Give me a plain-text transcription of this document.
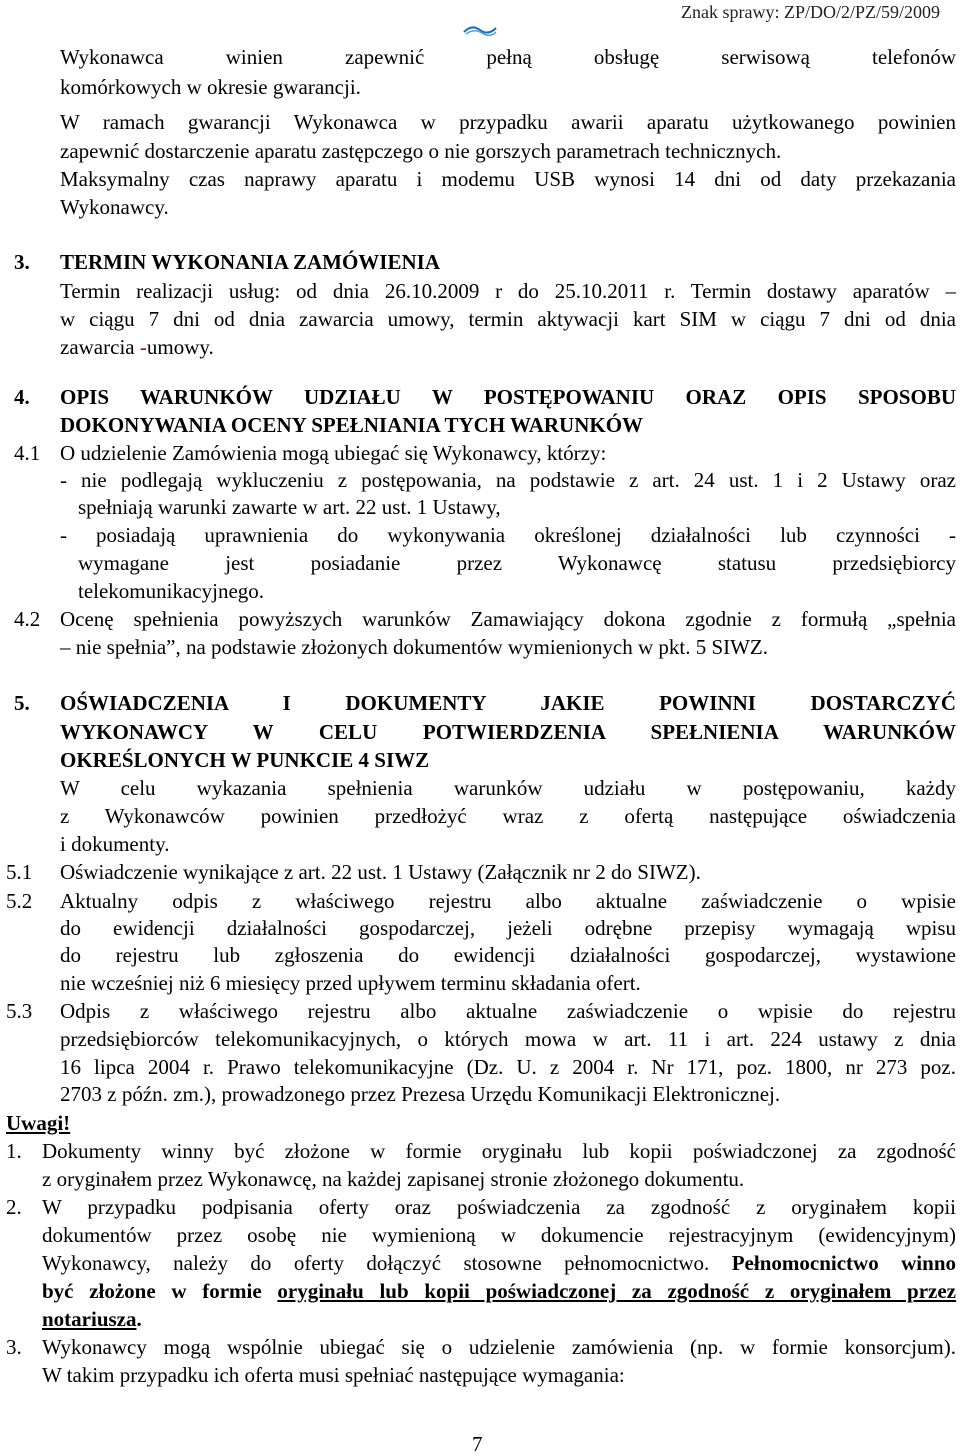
Znak sprawy: ZP/DO/2/PZ/59/2009
Wykonawca winien zapewnić pełną obsługę serwisową telefonów
komórkowych w okresie gwarancji.
W ramach gwarancji Wykonawca w przypadku awarii aparatu użytkowanego powinien
zapewnić dostarczenie aparatu zastępczego o nie gorszych parametrach technicznych.
Maksymalny czas naprawy aparatu i modemu USB wynosi 14 dni od daty przekazania
Wykonawcy.
3. TERMIN WYKONANIA ZAMÓWIENIA
Termin realizacji usług: od dnia 26.10.2009 r do 25.10.2011 r. Termin dostawy aparatów –
w ciągu 7 dni od dnia zawarcia umowy, termin aktywacji kart SIM w ciągu 7 dni od dnia
zawarcia -umowy.
4. OPIS WARUNKÓW UDZIAŁU W POSTĘPOWANIU ORAZ OPIS SPOSOBU
DOKONYWANIA OCENY SPEŁNIANIA TYCH WARUNKÓW
4.1 O udzielenie Zamówienia mogą ubiegać się Wykonawcy, którzy:
- nie podlegają wykluczeniu z postępowania, na podstawie z art. 24 ust. 1 i 2 Ustawy oraz
spełniają warunki zawarte w art. 22 ust. 1 Ustawy,
- posiadają uprawnienia do wykonywania określonej działalności lub czynności -
wymagane jest posiadanie przez Wykonawcę statusu przedsiębiorcy
telekomunikacyjnego.
4.2 Ocenę spełnienia powyższych warunków Zamawiający dokona zgodnie z formułą „spełnia
– nie spełnia”, na podstawie złożonych dokumentów wymienionych w pkt. 5 SIWZ.
5. OŚWIADCZENIA I DOKUMENTY JAKIE POWINNI DOSTARCZYĆ
WYKONAWCY W CELU POTWIERDZENIA SPEŁNIENIA WARUNKÓW
OKREŚLONYCH W PUNKCIE 4 SIWZ
W celu wykazania spełnienia warunków udziału w postępowaniu, każdy
z Wykonawców powinien przedłożyć wraz z ofertą następujące oświadczenia
i dokumenty.
5.1 Oświadczenie wynikające z art. 22 ust. 1 Ustawy (Załącznik nr 2 do SIWZ).
5.2 Aktualny odpis z właściwego rejestru albo aktualne zaświadczenie o wpisie
do ewidencji działalności gospodarczej, jeżeli odrębne przepisy wymagają wpisu
do rejestru lub zgłoszenia do ewidencji działalności gospodarczej, wystawione
nie wcześniej niż 6 miesięcy przed upływem terminu składania ofert.
5.3 Odpis z właściwego rejestru albo aktualne zaświadczenie o wpisie do rejestru
przedsiębiorców telekomunikacyjnych, o których mowa w art. 11 i art. 224 ustawy z dnia
16 lipca 2004 r. Prawo telekomunikacyjne (Dz. U. z 2004 r. Nr 171, poz. 1800, nr 273 poz.
2703 z późn. zm.), prowadzonego przez Prezesa Urzędu Komunikacji Elektronicznej.
Uwagi!
1. Dokumenty winny być złożone w formie oryginału lub kopii poświadczonej za zgodność
z oryginałem przez Wykonawcę, na każdej zapisanej stronie złożonego dokumentu.
2. W przypadku podpisania oferty oraz poświadczenia za zgodność z oryginałem kopii
dokumentów przez osobę nie wymienioną w dokumencie rejestracyjnym (ewidencyjnym)
Wykonawcy, należy do oferty dołączyć stosowne pełnomocnictwo. Pełnomocnictwo winno
być złożone w formie oryginału lub kopii poświadczonej za zgodność z oryginałem przez
notariusza.
3. Wykonawcy mogą wspólnie ubiegać się o udzielenie zamówienia (np. w formie konsorcjum).
W takim przypadku ich oferta musi spełniać następujące wymagania:
7
